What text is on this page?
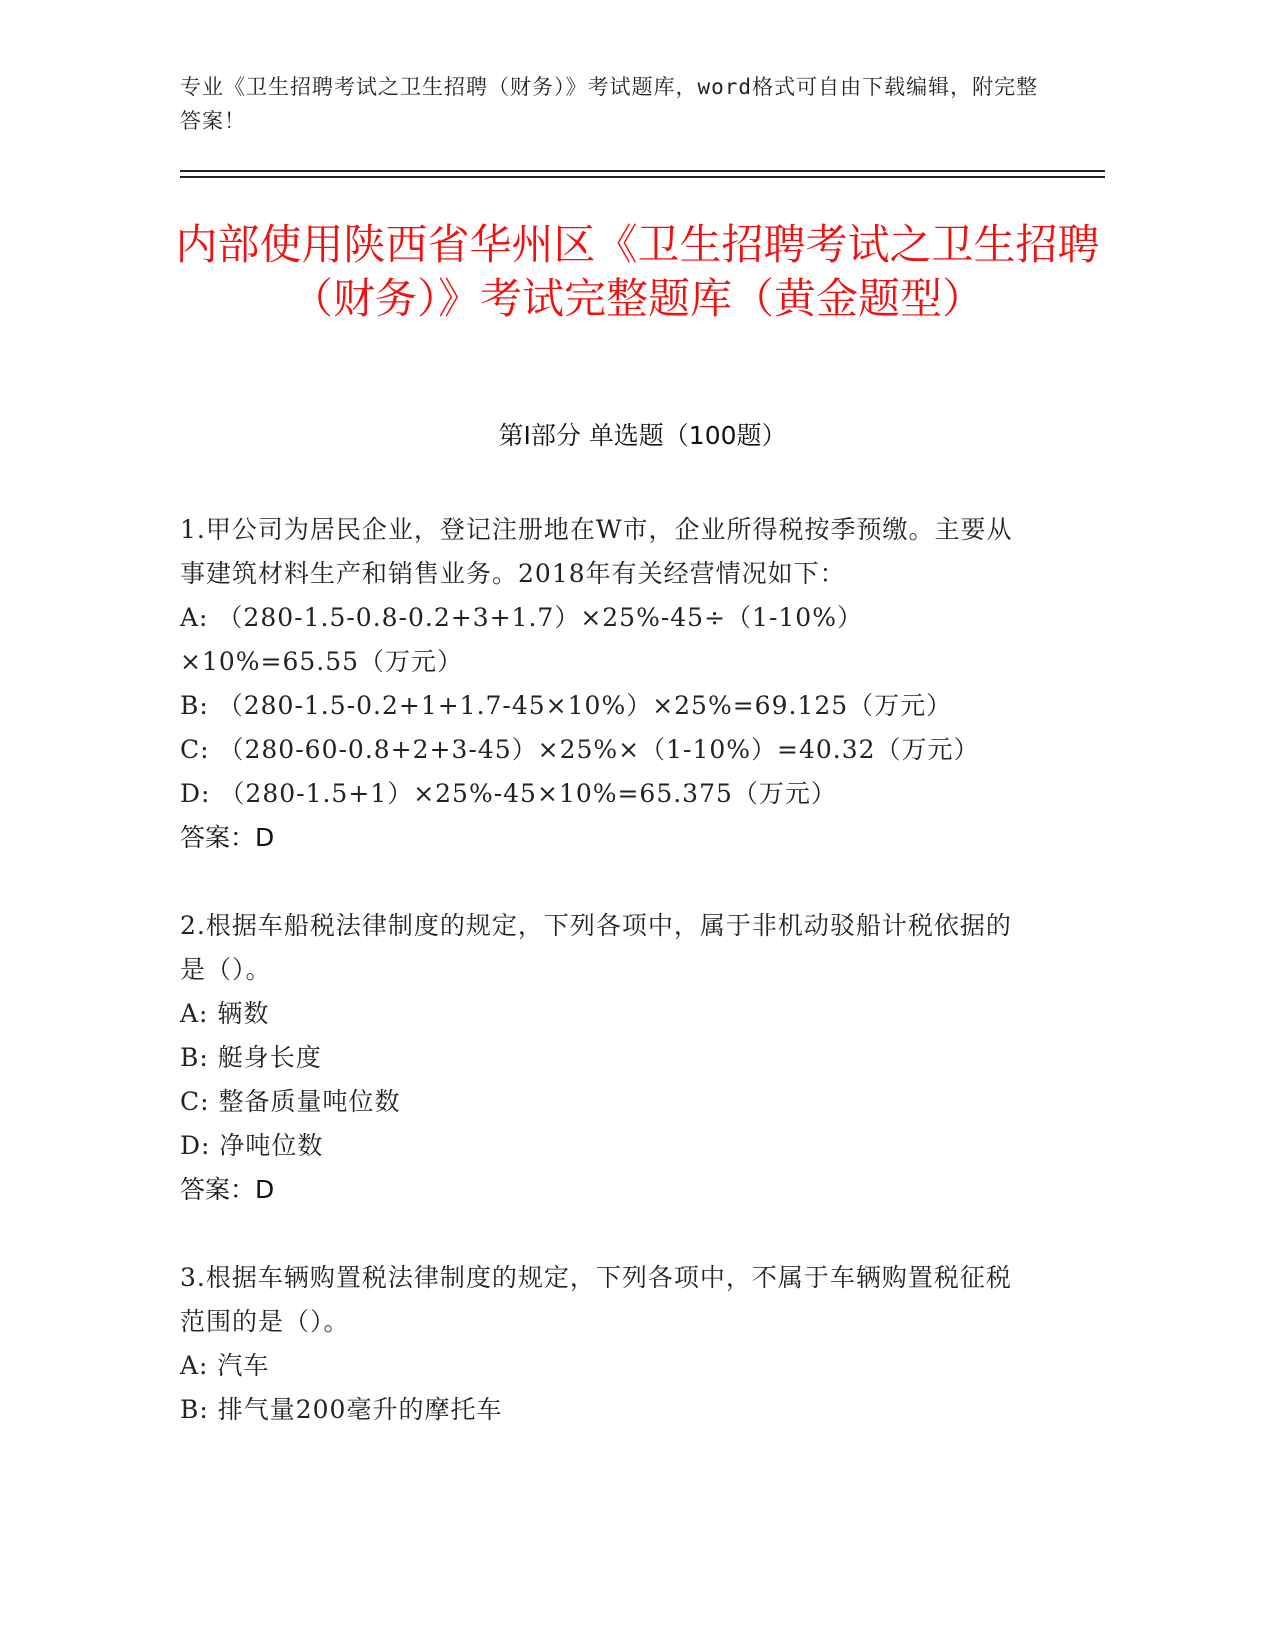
专业《卫生招聘考试之卫生招聘（财务）》考试题库，word格式可自由下载编辑，附完整答案！
内部使用陕西省华州区《卫生招聘考试之卫生招聘（财务）》考试完整题库（黄金题型）
第I部分 单选题（100题）

1.甲公司为居民企业，登记注册地在W市，企业所得税按季预缴。主要从事建筑材料生产和销售业务。2018年有关经营情况如下：

A: （280-1.5-0.8-0.2+3+1.7）×25%-45÷（1-10%）×10%=65.55（万元）

B: （280-1.5-0.2+1+1.7-45×10%）×25%=69.125（万元）

C: （280-60-0.8+2+3-45）×25%×（1-10%）=40.32（万元）

D: （280-1.5+1）×25%-45×10%=65.375（万元）

答案：D

2.根据车船税法律制度的规定，下列各项中，属于非机动驳船计税依据的是（）。

A: 辆数

B: 艇身长度

C: 整备质量吨位数

D: 净吨位数

答案：D

3.根据车辆购置税法律制度的规定，下列各项中，不属于车辆购置税征税范围的是（）。

A: 汽车

B: 排气量200毫升的摩托车
